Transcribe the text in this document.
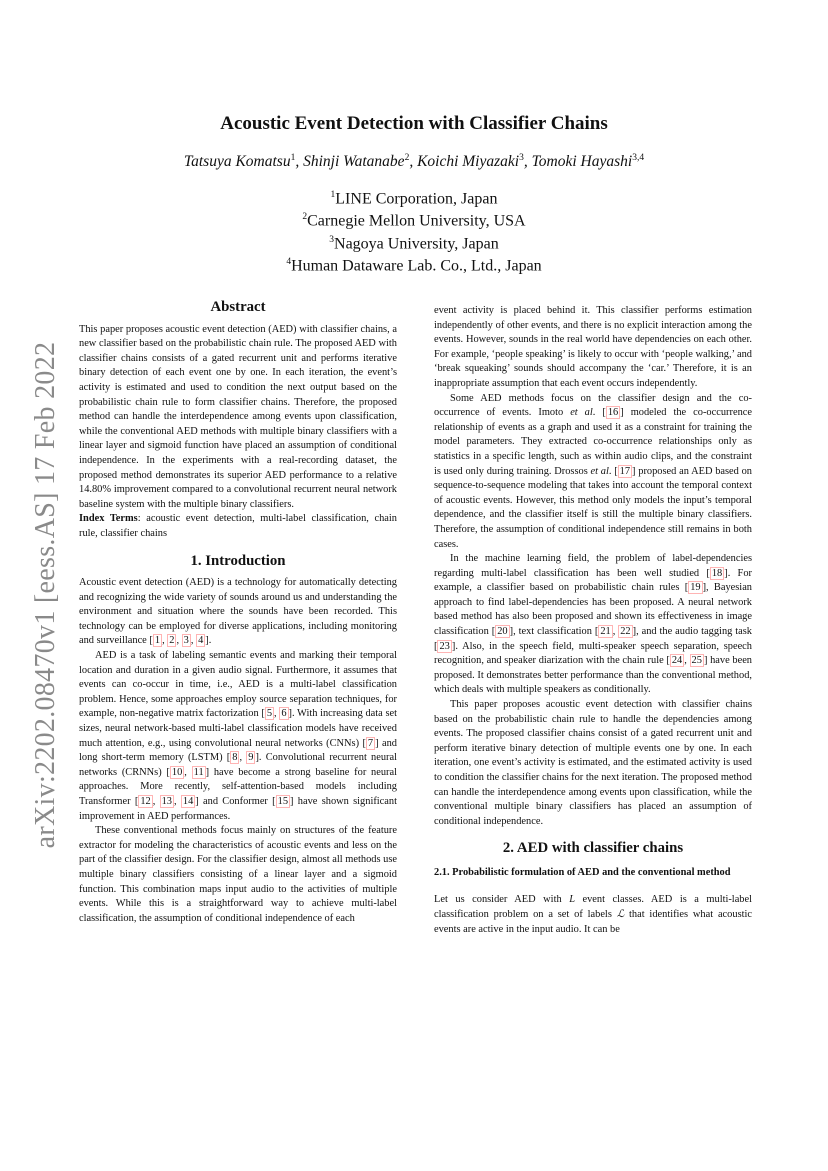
arXiv:2202.08470v1 [eess.AS] 17 Feb 2022
Acoustic Event Detection with Classifier Chains
Tatsuya Komatsu$^1$, Shinji Watanabe$^2$, Koichi Miyazaki$^3$, Tomoki Hayashi$^{3,4}$
$^1$LINE Corporation, Japan
$^2$Carnegie Mellon University, USA
$^3$Nagoya University, Japan
$^4$Human Dataware Lab. Co., Ltd., Japan
Abstract

This paper proposes acoustic event detection (AED) with classifier chains, a new classifier based on the probabilistic chain rule. The proposed AED with classifier chains consists of a gated recurrent unit and performs iterative binary detection of each event one by one. In each iteration, the event’s activity is estimated and used to condition the next output based on the probabilistic chain rule to form classifier chains. Therefore, the proposed method can handle the interdependence among events upon classification, while the conventional AED methods with multiple binary classifiers with a linear layer and sigmoid function have placed an assumption of conditional independence. In the experiments with a real-recording dataset, the proposed method demonstrates its superior AED performance to a relative 14.80% improvement compared to a convolutional recurrent neural network baseline system with the multiple binary classifiers.

Index Terms: acoustic event detection, multi-label classification, chain rule, classifier chains

1. Introduction

Acoustic event detection (AED) is a technology for automatically detecting and recognizing the wide variety of sounds around us and understanding the environment and situation where the sounds have been recorded. This technology can be employed for diverse applications, including monitoring and surveillance [ 1 , 2 , 3 , 4 ].

AED is a task of labeling semantic events and marking their temporal location and duration in a given audio signal. Furthermore, it assumes that events can co-occur in time, i.e., AED is a multi-label classification problem. Hence, some approaches employ source separation techniques, for example, non-negative matrix factorization [ 5 , 6 ]. With increasing data set sizes, neural network-based multi-label classification models have received much attention, e.g., using convolutional neural networks (CNNs) [ 7 ] and long short-term memory (LSTM) [ 8 , 9 ]. Convolutional recurrent neural networks (CRNNs) [ 10 , 11 ] have become a strong baseline for neural approaches. More recently, self-attention-based models including Transformer [ 12 , 13 , 14 ] and Conformer [ 15 ] have shown significant improvement in AED performances.

These conventional methods focus mainly on structures of the feature extractor for modeling the characteristics of acoustic events and less on the part of the classifier design. For the classifier design, almost all methods use multiple binary classifiers consisting of a linear layer and a sigmoid function. This combination maps input audio to the activities of multiple events. While this is a straightforward way to achieve multi-label classification, the assumption of conditional independence of each

event activity is placed behind it. This classifier performs estimation independently of other events, and there is no explicit interaction among the events. However, sounds in the real world have dependencies on each other. For example, ‘people speaking’ is likely to occur with ‘people walking,’ and ‘break squeaking’ sounds should accompany the ‘car.’ Therefore, it is an inappropriate assumption that each event occurs independently.

Some AED methods focus on the classifier design and the co-occurrence of events. Imoto et al. [ 16 ] modeled the co-occurrence relationship of events as a graph and used it as a constraint for training the model parameters. They extracted co-occurrence relationships only as statistics in a specific length, such as within audio clips, and the constraint is used only during training. Drossos et al. [ 17 ] proposed an AED based on sequence-to-sequence modeling that takes into account the temporal context of acoustic events. However, this method only models the input’s temporal dependence, and the classifier itself is still the multiple binary classifiers. Therefore, the assumption of conditional independence still remains in both cases.

In the machine learning field, the problem of label-dependencies regarding multi-label classification has been well studied [ 18 ]. For example, a classifier based on probabilistic chain rules [ 19 ], Bayesian approach to find label-dependencies has been proposed. A neural network based method has also been proposed and shown its effectiveness in image classification [ 20 ], text classification [ 21 , 22 ], and the audio tagging task [ 23 ]. Also, in the speech field, multi-speaker speech separation, speech recognition, and speaker diarization with the chain rule [ 24 , 25 ] have been proposed. It demonstrates better performance than the conventional method, which deals with multiple speakers as conditionally.

This paper proposes acoustic event detection with classifier chains based on the probabilistic chain rule to handle the dependencies among events. The proposed classifier chains consist of a gated recurrent unit and perform iterative binary detection of multiple events one by one. In each iteration, one event’s activity is estimated, and the estimated activity is used to condition the classifier chains for the next iteration. The proposed method can handle the interdependence among events upon classification, while the conventional multiple binary classifiers has placed an assumption of conditional independence.

2. AED with classifier chains
2.1. Probabilistic formulation of AED and the conventional method

Let us consider AED with L event classes. AED is a multi-label classification problem on a set of labels ℒ that identifies what acoustic events are active in the input audio. It can be
